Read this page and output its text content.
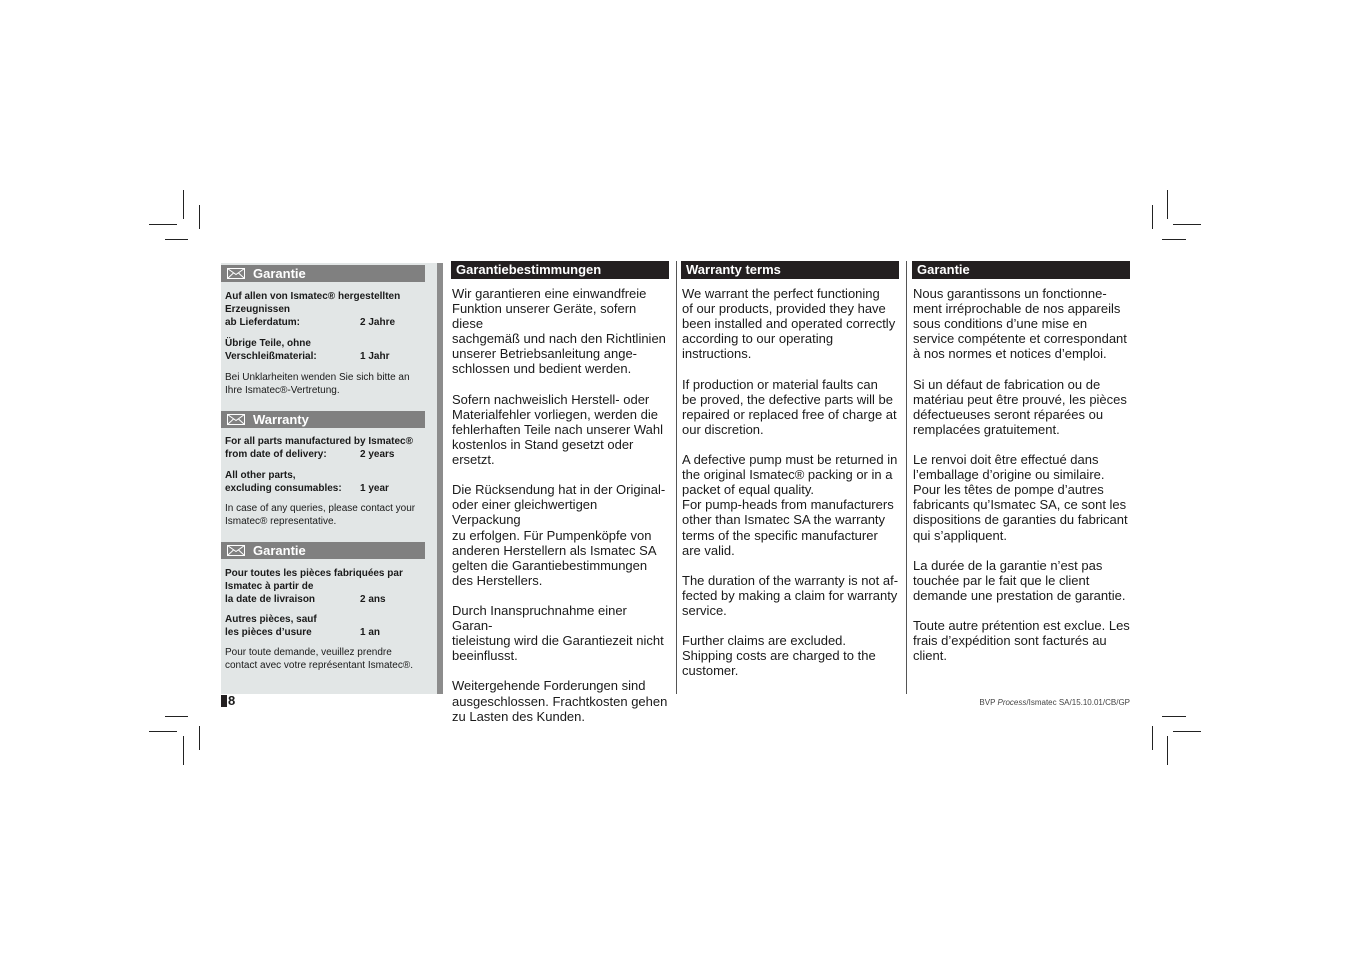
Garantie
Auf allen von Ismatec® hergestellten Erzeugnissen
ab Lieferdatum:	2 Jahre
Übrige Teile, ohne
Verschleißmaterial:	1 Jahr
Bei Unklarheiten wenden Sie sich bitte an Ihre Ismatec®-Vertretung.
Warranty
For all parts manufactured by Ismatec®
from date of delivery:	2 years
All other parts,
excluding consumables: 1 year
In case of any queries, please contact your Ismatec® representative.
Garantie
Pour toutes les pièces fabriquées par Ismatec à partir de
la date de livraison	2 ans
Autres pièces, sauf
les pièces d’usure	1 an
Pour toute demande, veuillez prendre contact avec votre représentant Ismatec®.
Garantiebestimmungen

Wir garantieren eine einwandfreie
Funktion unserer Geräte, sofern diese
sachgemäß und nach den Richtlinien
unserer Betriebsanleitung ange-
schlossen und bedient werden.

Sofern nachweislich Herstell- oder
Materialfehler vorliegen, werden die
fehlerhaften Teile nach unserer Wahl
kostenlos in Stand gesetzt oder
ersetzt.

Die Rücksendung hat in der Original-
oder einer gleichwertigen Verpackung
zu erfolgen. Für Pumpenköpfe von
anderen Herstellern als Ismatec SA
gelten die Garantiebestimmungen
des Herstellers.

Durch Inanspruchnahme einer Garan-
tieleistung wird die Garantiezeit nicht
beeinflusst.

Weitergehende Forderungen sind
ausgeschlossen. Frachtkosten gehen
zu Lasten des Kunden.

Warranty terms

We warrant the perfect functioning
of our products, provided they have
been installed and operated correctly
according to our operating
instructions.

If production or material faults can
be proved, the defective parts will be
repaired or replaced free of charge at
our discretion.

A defective pump must be returned in
the original Ismatec® packing or in a
packet of equal quality.
For pump-heads from manufacturers
other than Ismatec SA the warranty
terms of the specific manufacturer
are valid.

The duration of the warranty is not af-
fected by making a claim for warranty
service.

Further claims are excluded.
Shipping costs are charged to the
customer.

Garantie

Nous garantissons un fonctionne-
ment irréprochable de nos appareils
sous conditions d’une mise en
service compétente et correspondant
à nos normes et notices d’emploi.

Si un défaut de fabrication ou de
matériau peut être prouvé, les pièces
défectueuses seront réparées ou
remplacées gratuitement.

Le renvoi doit être effectué dans
l’emballage d’origine ou similaire.
Pour les têtes de pompe d’autres
fabricants qu’Ismatec SA, ce sont les
dispositions de garanties du fabricant
qui s’appliquent.

La durée de la garantie n’est pas
touchée par le fait que le client
demande une prestation de garantie.

Toute autre prétention est exclue. Les
frais d’expédition sont facturés au
client.

8	BVP Process/Ismatec SA/15.10.01/CB/GP
